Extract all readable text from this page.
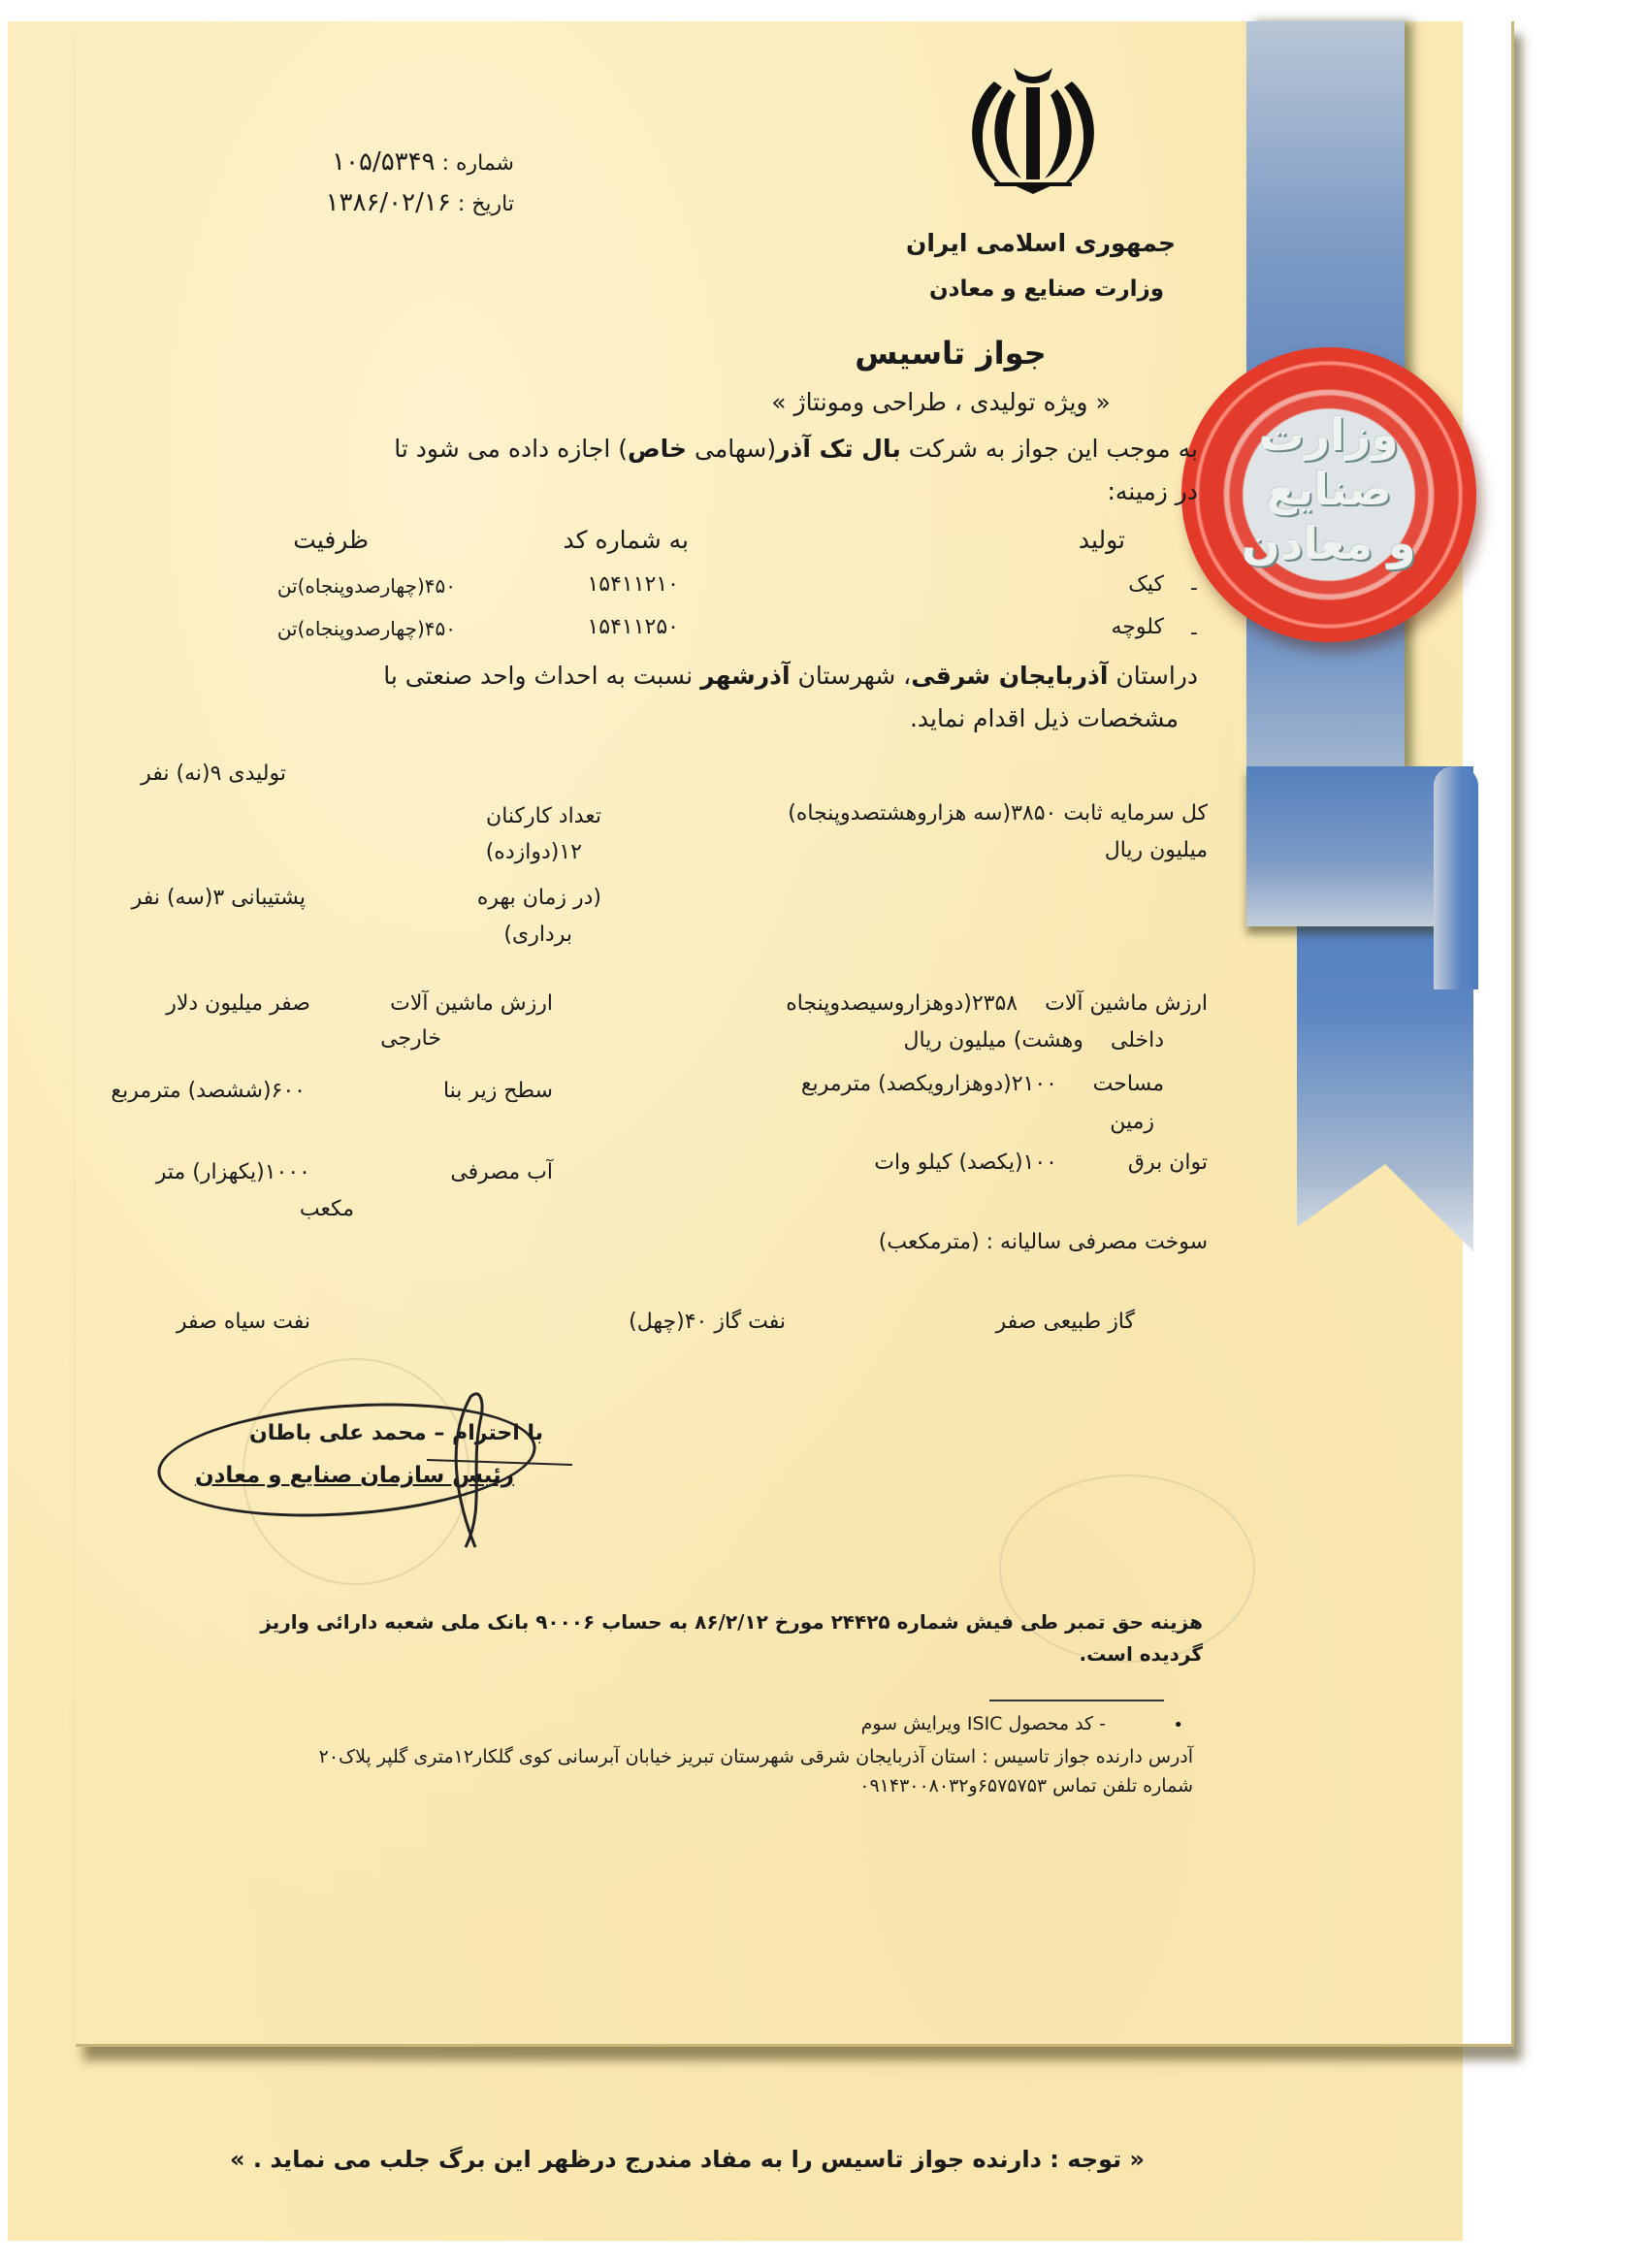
وزارت
صنایع
و معادن
جمهوری اسلامی ایران
وزارت صنایع و معادن
شماره : ۱۰۵/۵۳۴۹
تاریخ : ۱۳۸۶/۰۲/۱۶
جواز تاسیس
« ویژه تولیدی ، طراحی ومونتاژ »
به موجب این جواز به شرکت بال تک آذر(سهامی خاص) اجازه داده می شود تا
در زمینه:
تولید
به شماره کد
ظرفیت
-
کیک
۱۵۴۱۱۲۱۰
۴۵۰(چهارصدوپنجاه)تن
-
کلوچه
۱۵۴۱۱۲۵۰
۴۵۰(چهارصدوپنجاه)تن
دراستان آذربایجان شرقی، شهرستان آذرشهر نسبت به احداث واحد صنعتی با
مشخصات ذیل اقدام نماید.
تولیدی ۹(نه) نفر
کل سرمایه ثابت ۳۸۵۰(سه هزاروهشتصدوپنجاه)
میلیون ریال
تعداد کارکنان
۱۲(دوازده)
(در زمان بهره
برداری)
پشتیبانی ۳(سه) نفر
ارزش ماشین آلات    ۲۳۵۸(دوهزاروسیصدوپنجاه
داخلی    وهشت) میلیون ریال
ارزش ماشین آلات
خارجی
صفر میلیون دلار
مساحت
زمین
۲۱۰۰(دوهزارویکصد) مترمربع
سطح زیر بنا
۶۰۰(ششصد) مترمربع
توان برق
۱۰۰(یکصد) کیلو وات
آب مصرفی
۱۰۰۰(یکهزار) متر
مکعب
سوخت مصرفی سالیانه : (مترمکعب)
گاز طبیعی صفر
نفت گاز ۴۰(چهل)
نفت سیاه صفر
با احترام – محمد علی باطان
رئیس سازمان صنایع و معادن
هزینه حق تمبر طی فیش شماره ۲۴۴۲۵ مورخ ۸۶/۲/۱۲ به حساب ۹۰۰۰۶ بانک ملی شعبه دارائی واریز
گردیده است.
•
- کد محصول ISIC ویرایش سوم
آدرس دارنده جواز تاسیس : استان آذربایجان شرقی شهرستان تبریز خیابان آبرسانی کوی گلکار۱۲متری گلپر پلاک۲۰
شماره تلفن تماس ۶۵۷۵۷۵۳و۰۹۱۴۳۰۰۸۰۳۲
« توجه : دارنده جواز تاسیس را به مفاد مندرج درظهر این برگ جلب می نماید . »
